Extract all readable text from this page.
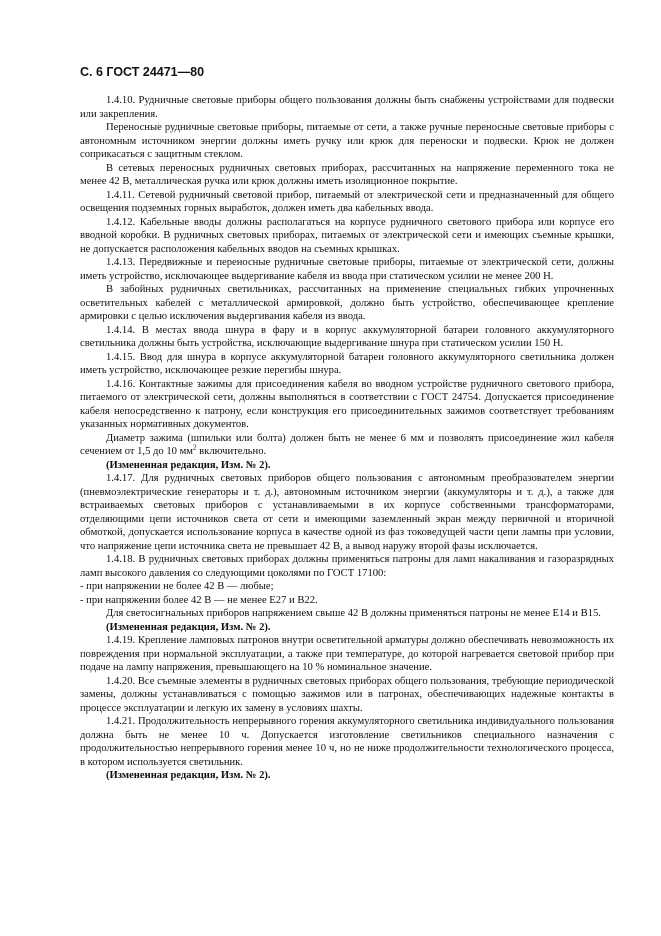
С. 6 ГОСТ 24471—80

1.4.10. Рудничные световые приборы общего пользования должны быть снабжены устройствами для подвески или закрепления.

Переносные рудничные световые приборы, питаемые от сети, а также ручные переносные световые приборы с автономным источником энергии должны иметь ручку или крюк для переноски и подвески. Крюк не должен соприкасаться с защитным стеклом.

В сетевых переносных рудничных световых приборах, рассчитанных на напряжение переменного тока не менее 42 В, металлическая ручка или крюк должны иметь изоляционное покрытие.

1.4.11. Сетевой рудничный световой прибор, питаемый от электрической сети и предназначенный для общего освещения подземных горных выработок, должен иметь два кабельных ввода.

1.4.12. Кабельные вводы должны располагаться на корпусе рудничного светового прибора или корпусе его вводной коробки. В рудничных световых приборах, питаемых от электрической сети и имеющих съемные крышки, не допускается расположения кабельных вводов на съемных крышках.

1.4.13. Передвижные и переносные рудничные световые приборы, питаемые от электрической сети, должны иметь устройство, исключающее выдергивание кабеля из ввода при статическом усилии не менее 200 Н.

В забойных рудничных светильниках, рассчитанных на применение специальных гибких упрочненных осветительных кабелей с металлической армировкой, должно быть устройство, обеспечивающее крепление армировки с целью исключения выдергивания кабеля из ввода.

1.4.14. В местах ввода шнура в фару и в корпус аккумуляторной батареи головного аккумуляторного светильника должны быть устройства, исключающие выдергивание шнура при статическом усилии 150 Н.

1.4.15. Ввод для шнура в корпусе аккумуляторной батареи головного аккумуляторного светильника должен иметь устройство, исключающее резкие перегибы шнура.

1.4.16. Контактные зажимы для присоединения кабеля во вводном устройстве рудничного светового прибора, питаемого от электрической сети, должны выполняться в соответствии с ГОСТ 24754. Допускается присоединение кабеля непосредственно к патрону, если конструкция его присоединительных зажимов соответствует требованиям указанных нормативных документов.

Диаметр зажима (шпильки или болта) должен быть не менее 6 мм и позволять присоединение жил кабеля сечением от 1,5 до 10 $мм^2$ включительно.

(Измененная редакция, Изм. № 2).

1.4.17. Для рудничных световых приборов общего пользования с автономным преобразователем энергии (пневмоэлектрические генераторы и т. д.), автономным источником энергии (аккумуляторы и т. д.), а также для встраиваемых световых приборов с устанавливаемыми в их корпусе собственными трансформаторами, отделяющими цепи источников света от сети и имеющими заземленный экран между первичной и вторичной обмоткой, допускается использование корпуса в качестве одной из фаз токоведущей части цепи лампы при условии, что напряжение цепи источника света не превышает 42 В, а вывод наружу второй фазы исключается.

1.4.18. В рудничных световых приборах должны применяться патроны для ламп накаливания и газоразрядных ламп высокого давления со следующими цоколями по ГОСТ 17100:

- при напряжении не более 42 В — любые;

- при напряжении более 42 В — не менее Е27 и В22.

Для светосигнальных приборов напряжением свыше 42 В должны применяться патроны не менее Е14 и В15.

(Измененная редакция, Изм. № 2).

1.4.19. Крепление ламповых патронов внутри осветительной арматуры должно обеспечивать невозможность их повреждения при нормальной эксплуатации, а также при температуре, до которой нагревается световой прибор при подаче на лампу напряжения, превышающего на 10 % номинальное значение.

1.4.20. Все съемные элементы в рудничных световых приборах общего пользования, требующие периодической замены, должны устанавливаться с помощью зажимов или в патронах, обеспечивающих надежные контакты в процессе эксплуатации и легкую их замену в условиях шахты.

1.4.21. Продолжительность непрерывного горения аккумуляторного светильника индивидуального пользования должна быть не менее 10 ч. Допускается изготовление светильников специального назначения с продолжительностью непрерывного горения менее 10 ч, но не ниже продолжительности технологического процесса, в котором используется светильник.

(Измененная редакция, Изм. № 2).
